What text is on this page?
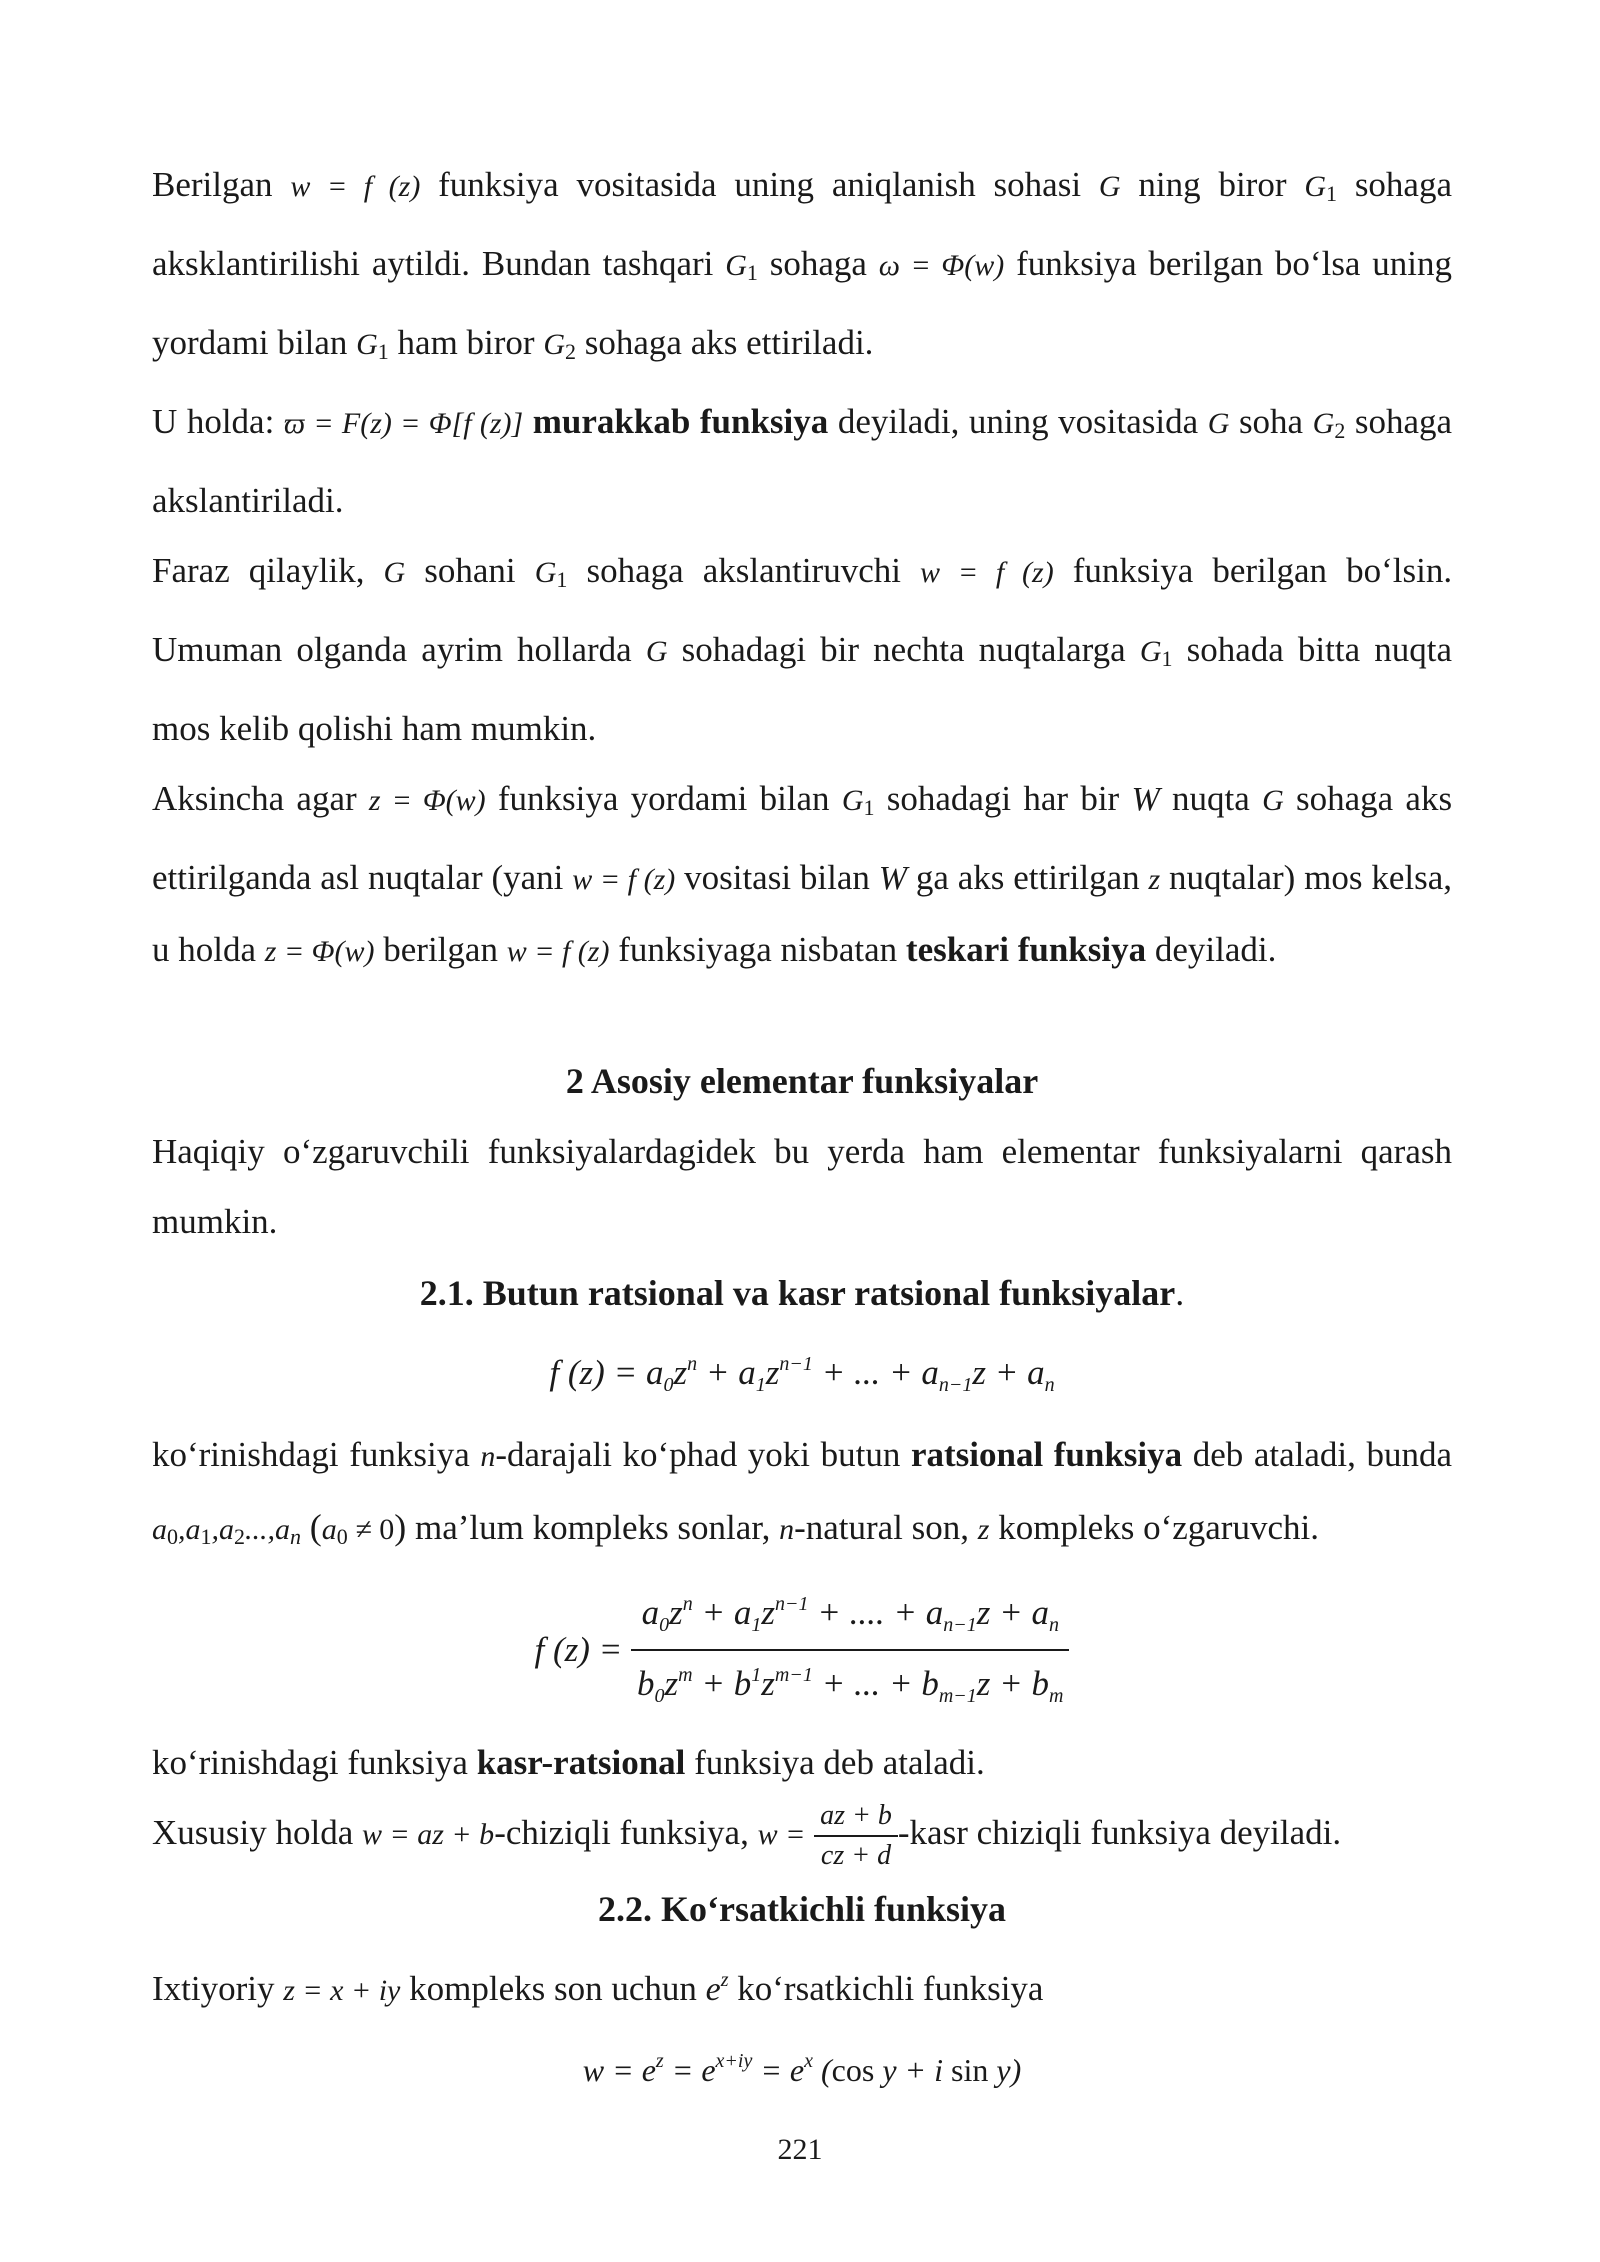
Berilgan w = f (z) funksiya vositasida uning aniqlanish sohasi G ning biror G1 sohaga aksklantirilishi aytildi. Bundan tashqari G1 sohaga ω = Φ(w) funksiya berilgan bo‘lsa uning yordami bilan G1 ham biror G2 sohaga aks ettiriladi.

U holda: ϖ = F(z) = Φ[f (z)] murakkab funksiya deyiladi, uning vositasida G soha G2 sohaga akslantiriladi.

Faraz qilaylik, G sohani G1 sohaga akslantiruvchi w = f (z) funksiya berilgan bo‘lsin. Umuman olganda ayrim hollarda G sohadagi bir nechta nuqtalarga G1 sohada bitta nuqta mos kelib qolishi ham mumkin.

Aksincha agar z = Φ(w) funksiya yordami bilan G1 sohadagi har bir W nuqta G sohaga aks ettirilganda asl nuqtalar (yani w = f (z) vositasi bilan W ga aks ettirilgan z nuqtalar) mos kelsa, u holda z = Φ(w) berilgan w = f (z) funksiyaga nisbatan teskari funksiya deyiladi.

2 Asosiy elementar funksiyalar

Haqiqiy o‘zgaruvchili funksiyalardagidek bu yerda ham elementar funksiyalarni qarash mumkin.

2.1. Butun ratsional va kasr ratsional funksiyalar.
f $(z) = a_0z^n + a_1z^{n-1}$ + ... + $a_{n-1}z + a_n$

ko‘rinishdagi funksiya n-darajali ko‘phad yoki butun ratsional funksiya deb ataladi, bunda a0,a1,a2...,an (a0 ≠ 0) ma’lum kompleks sonlar, n-natural son, z kompleks o‘zgaruvchi.

f $(z) = \frac{a_0z^n + a_1z^{n-1} + .... + a_{n-1}z + a_n}{b_0z^m + b^1z^{m-1} + ... + b_{m-1}z + b_m}$

ko‘rinishdagi funksiya kasr-ratsional funksiya deb ataladi.

Xususiy holda w = az + b-chiziqli funksiya, $w = \frac{az + b}{cz + d}$ -kasr chiziqli funksiya deyiladi.

2.2. Ko‘rsatkichli funksiya

Ixtiyoriy z = x + iy kompleks son uchun $e^z$ ko‘rsatkichli funksiya

$w = e^z = e^{x+iy} = e^x$ (cos y + i sin y)
221
